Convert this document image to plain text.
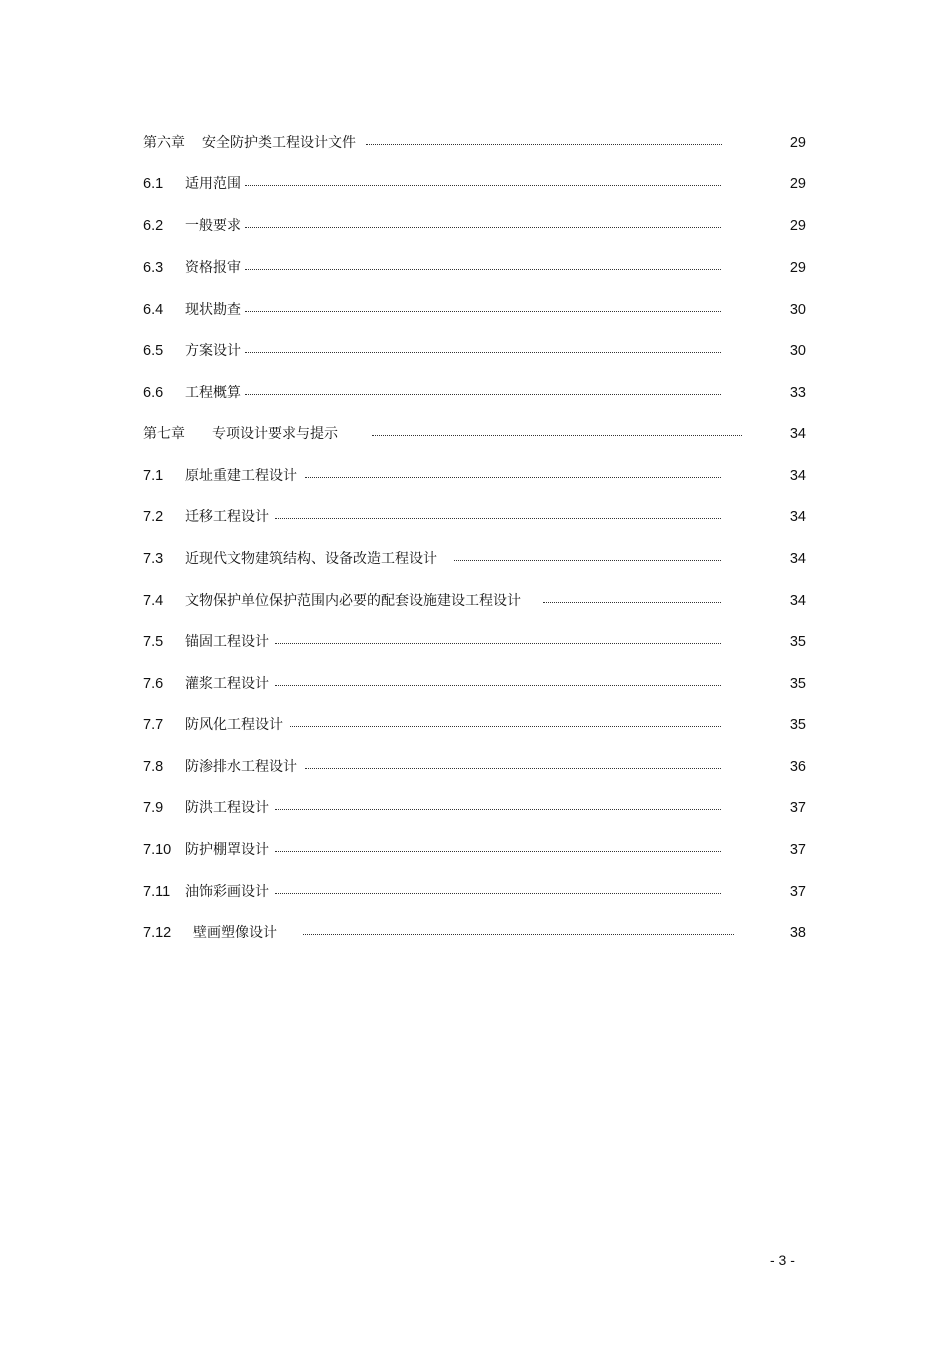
第六章 安全防护类工程设计文件	29
6.1 适用范围	29
6.2 一般要求	29
6.3 资格报审	29
6.4 现状勘查	30
6.5 方案设计	30
6.6 工程概算	33
第七章 专项设计要求与提示	34
7.1 原址重建工程设计	34
7.2 迁移工程设计	34
7.3 近现代文物建筑结构、设备改造工程设计	34
7.4 文物保护单位保护范围内必要的配套设施建设工程设计	34
7.5 锚固工程设计	35
7.6 灌浆工程设计	35
7.7 防风化工程设计	35
7.8 防渗排水工程设计	36
7.9 防洪工程设计	37
7.10 防护棚罩设计	37
7.11 油饰彩画设计	37
7.12 壁画塑像设计	38
- 3 -
